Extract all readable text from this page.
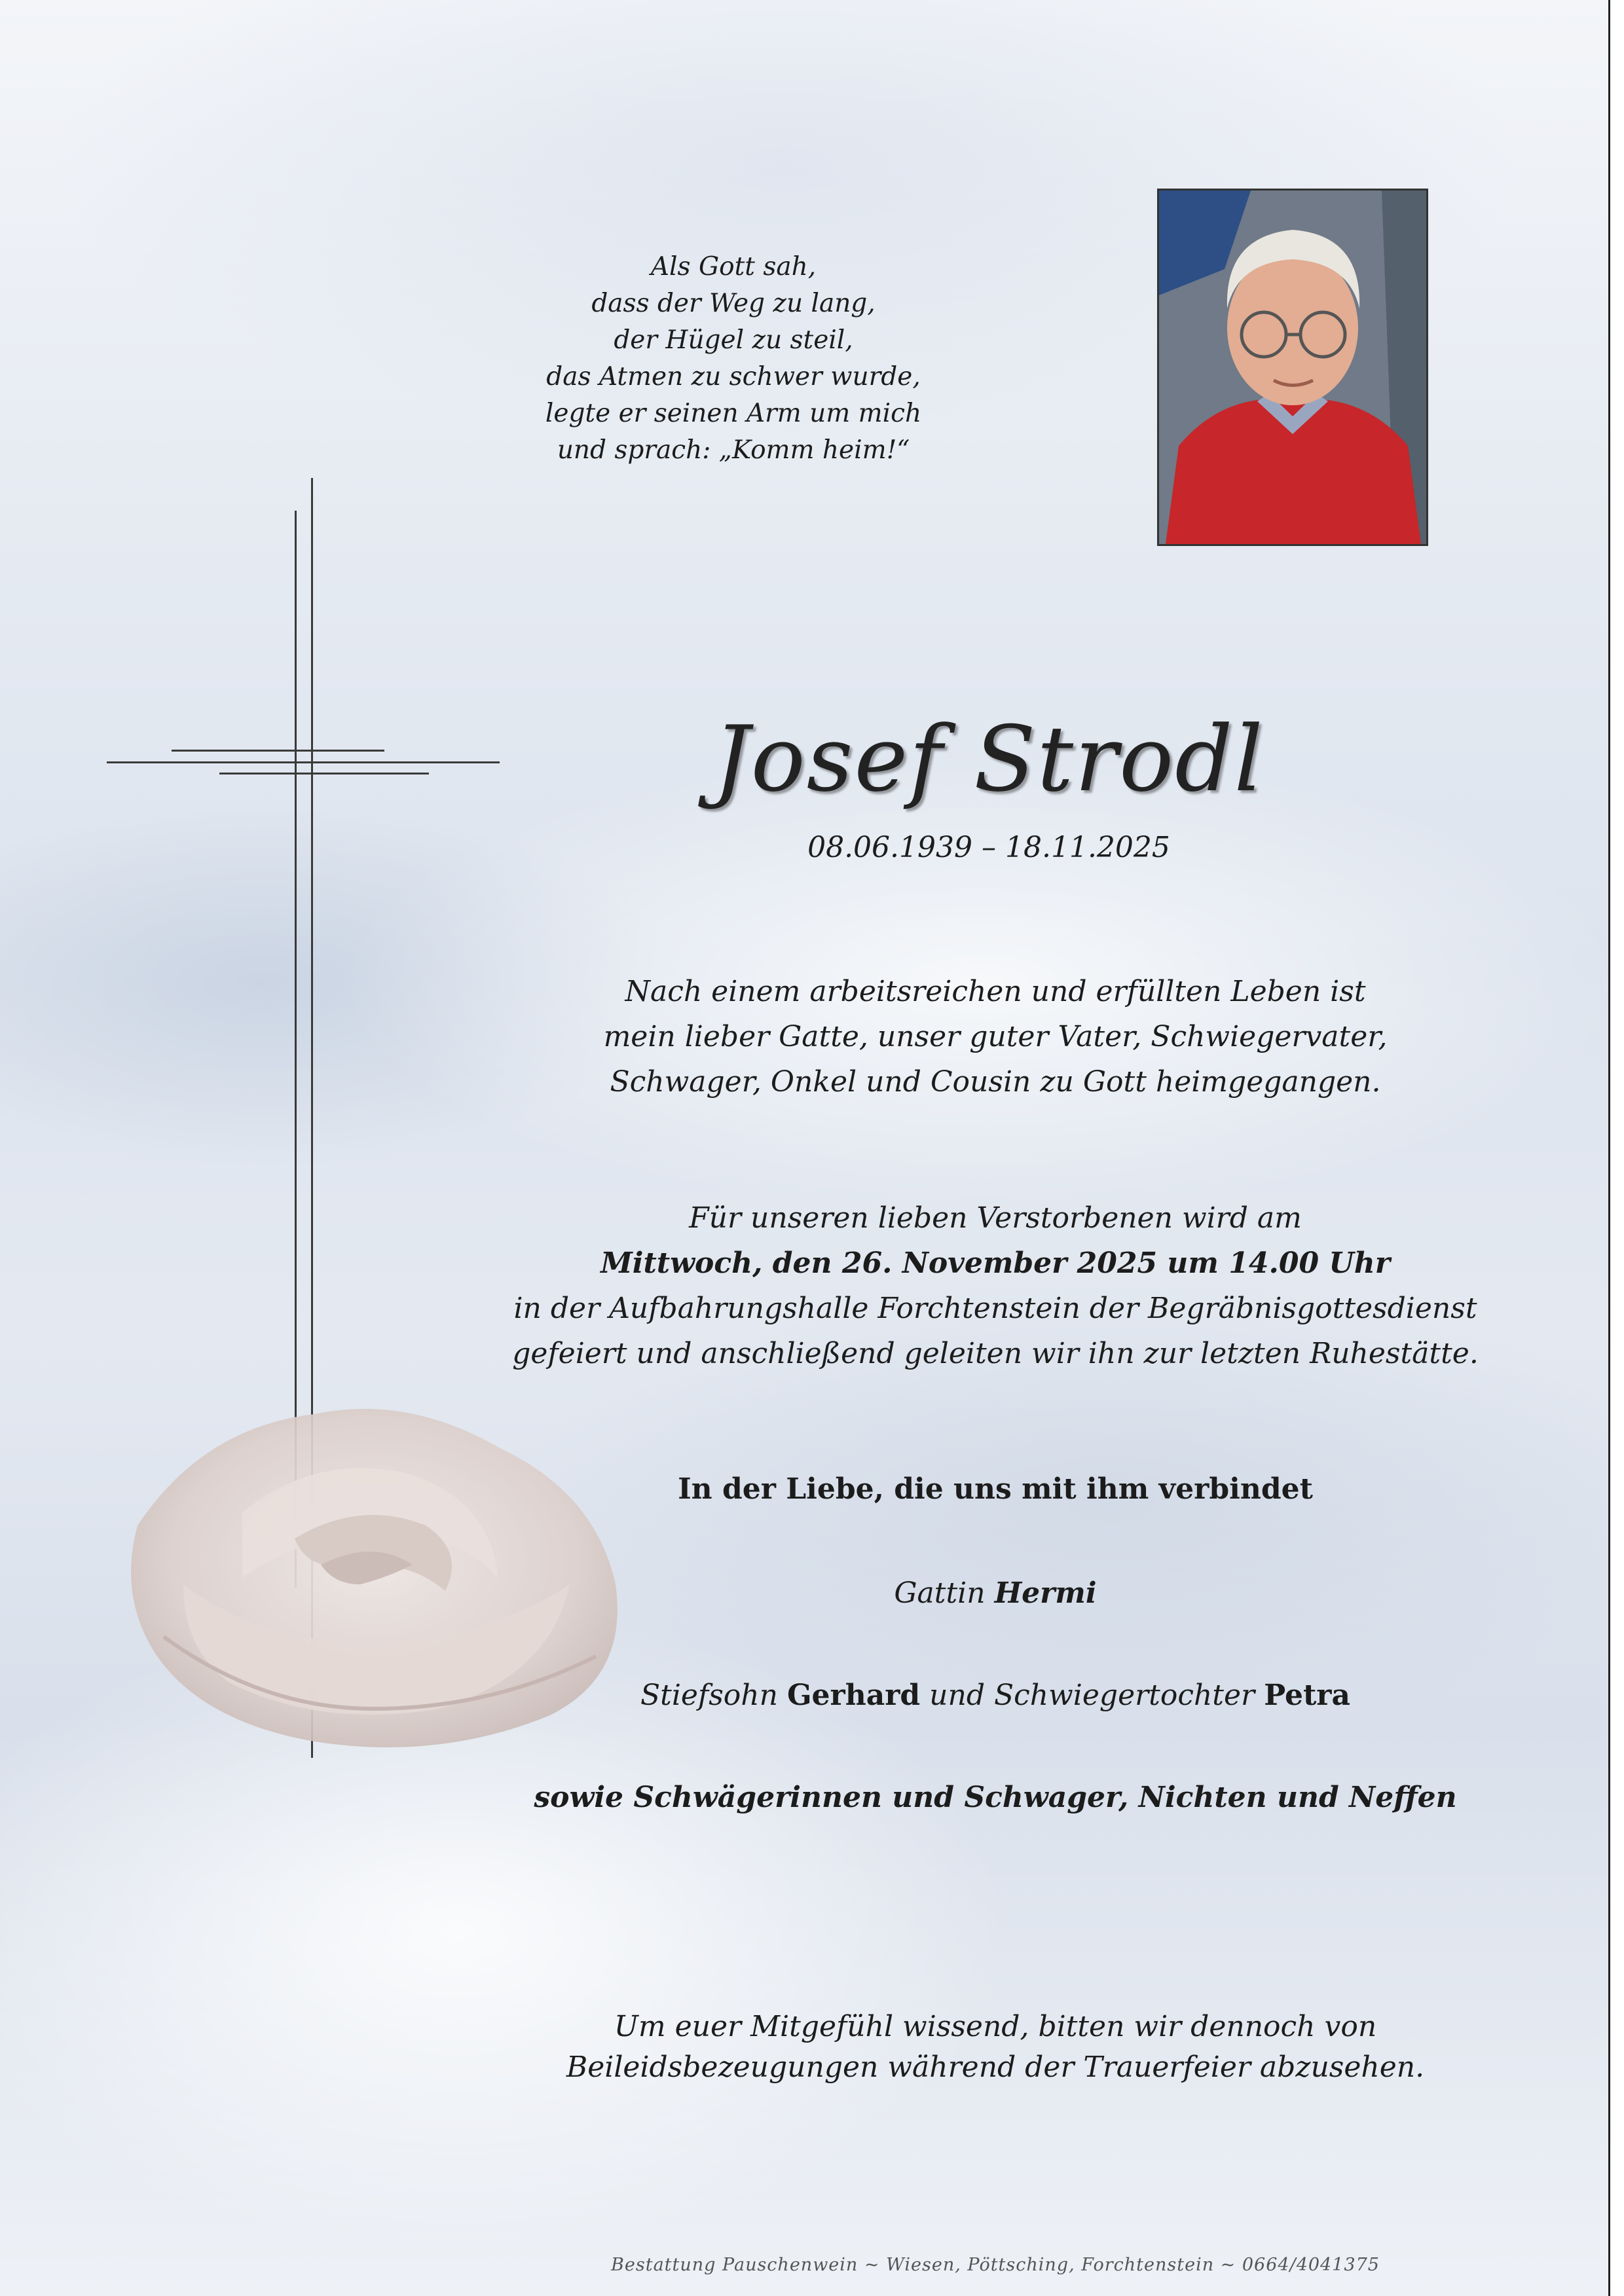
Als Gott sah,
dass der Weg zu lang,
der Hügel zu steil,
das Atmen zu schwer wurde,
legte er seinen Arm um mich
und sprach: „Komm heim!“
Josef Strodl
08.06.1939 – 18.11.2025
Nach einem arbeitsreichen und erfüllten Leben ist
mein lieber Gatte, unser guter Vater, Schwiegervater,
Schwager, Onkel und Cousin zu Gott heimgegangen.
Für unseren lieben Verstorbenen wird am
Mittwoch, den 26. November 2025 um 14.00 Uhr
in der Aufbahrungshalle Forchtenstein der Begräbnisgottesdienst
gefeiert und anschließend geleiten wir ihn zur letzten Ruhestätte.
In der Liebe, die uns mit ihm verbindet
Gattin Hermi
Stiefsohn Gerhard und Schwiegertochter Petra
sowie Schwägerinnen und Schwager, Nichten und Neffen
Um euer Mitgefühl wissend, bitten wir dennoch von
Beileidsbezeugungen während der Trauerfeier abzusehen.
Bestattung Pauschenwein ~ Wiesen, Pöttsching, Forchtenstein ~ 0664/4041375
